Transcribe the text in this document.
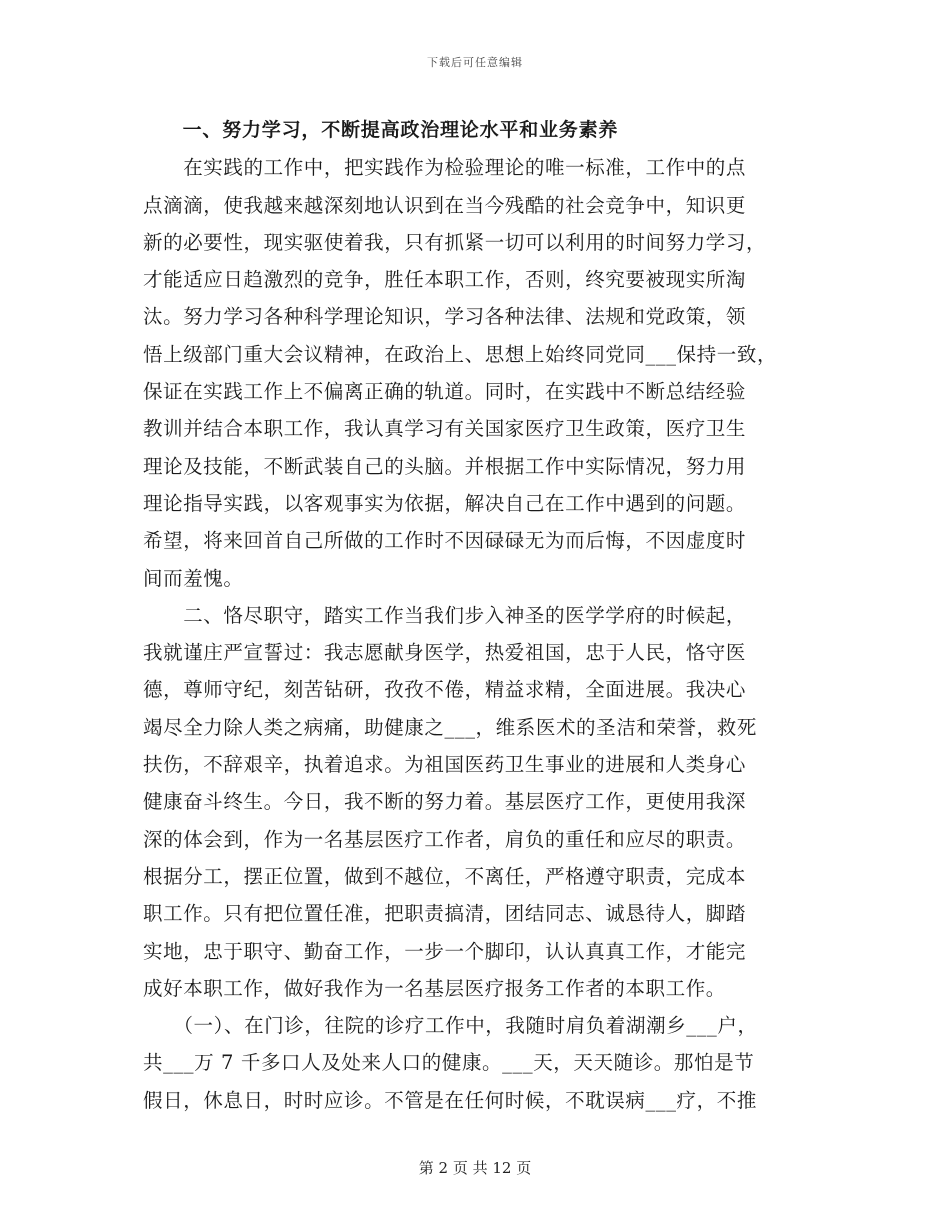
下载后可任意编辑
　　一、努力学习，不断提高政治理论水平和业务素养
　　在实践的工作中，把实践作为检验理论的唯一标准，工作中的点
点滴滴，使我越来越深刻地认识到在当今残酷的社会竞争中，知识更
新的必要性，现实驱使着我，只有抓紧一切可以利用的时间努力学习，
才能适应日趋激烈的竞争，胜任本职工作，否则，终究要被现实所淘
汰。努力学习各种科学理论知识，学习各种法律、法规和党政策，领
悟上级部门重大会议精神，在政治上、思想上始终同党同___保持一致，
保证在实践工作上不偏离正确的轨道。同时，在实践中不断总结经验
教训并结合本职工作，我认真学习有关国家医疗卫生政策，医疗卫生
理论及技能，不断武装自己的头脑。并根据工作中实际情况，努力用
理论指导实践，以客观事实为依据，解决自己在工作中遇到的问题。
希望，将来回首自己所做的工作时不因碌碌无为而后悔，不因虚度时
间而羞愧。
　　二、恪尽职守，踏实工作当我们步入神圣的医学学府的时候起，
我就谨庄严宣誓过：我志愿献身医学，热爱祖国，忠于人民，恪守医
德，尊师守纪，刻苦钻研，孜孜不倦，精益求精，全面进展。我决心
竭尽全力除人类之病痛，助健康之___，维系医术的圣洁和荣誉，救死
扶伤，不辞艰辛，执着追求。为祖国医药卫生事业的进展和人类身心
健康奋斗终生。今日，我不断的努力着。基层医疗工作，更使用我深
深的体会到，作为一名基层医疗工作者，肩负的重任和应尽的职责。
根据分工，摆正位置，做到不越位，不离任，严格遵守职责，完成本
职工作。只有把位置任准，把职责搞清，团结同志、诚恳待人，脚踏
实地，忠于职守、勤奋工作，一步一个脚印，认认真真工作，才能完
成好本职工作，做好我作为一名基层医疗报务工作者的本职工作。
　　（一）、在门诊，往院的诊疗工作中，我随时肩负着湖潮乡___户，
共___万 7 千多口人及处来人口的健康。___天，天天随诊。那怕是节
假日，休息日，时时应诊。不管是在任何时候，不耽误病___疗，不推
第 2 页 共 12 页
